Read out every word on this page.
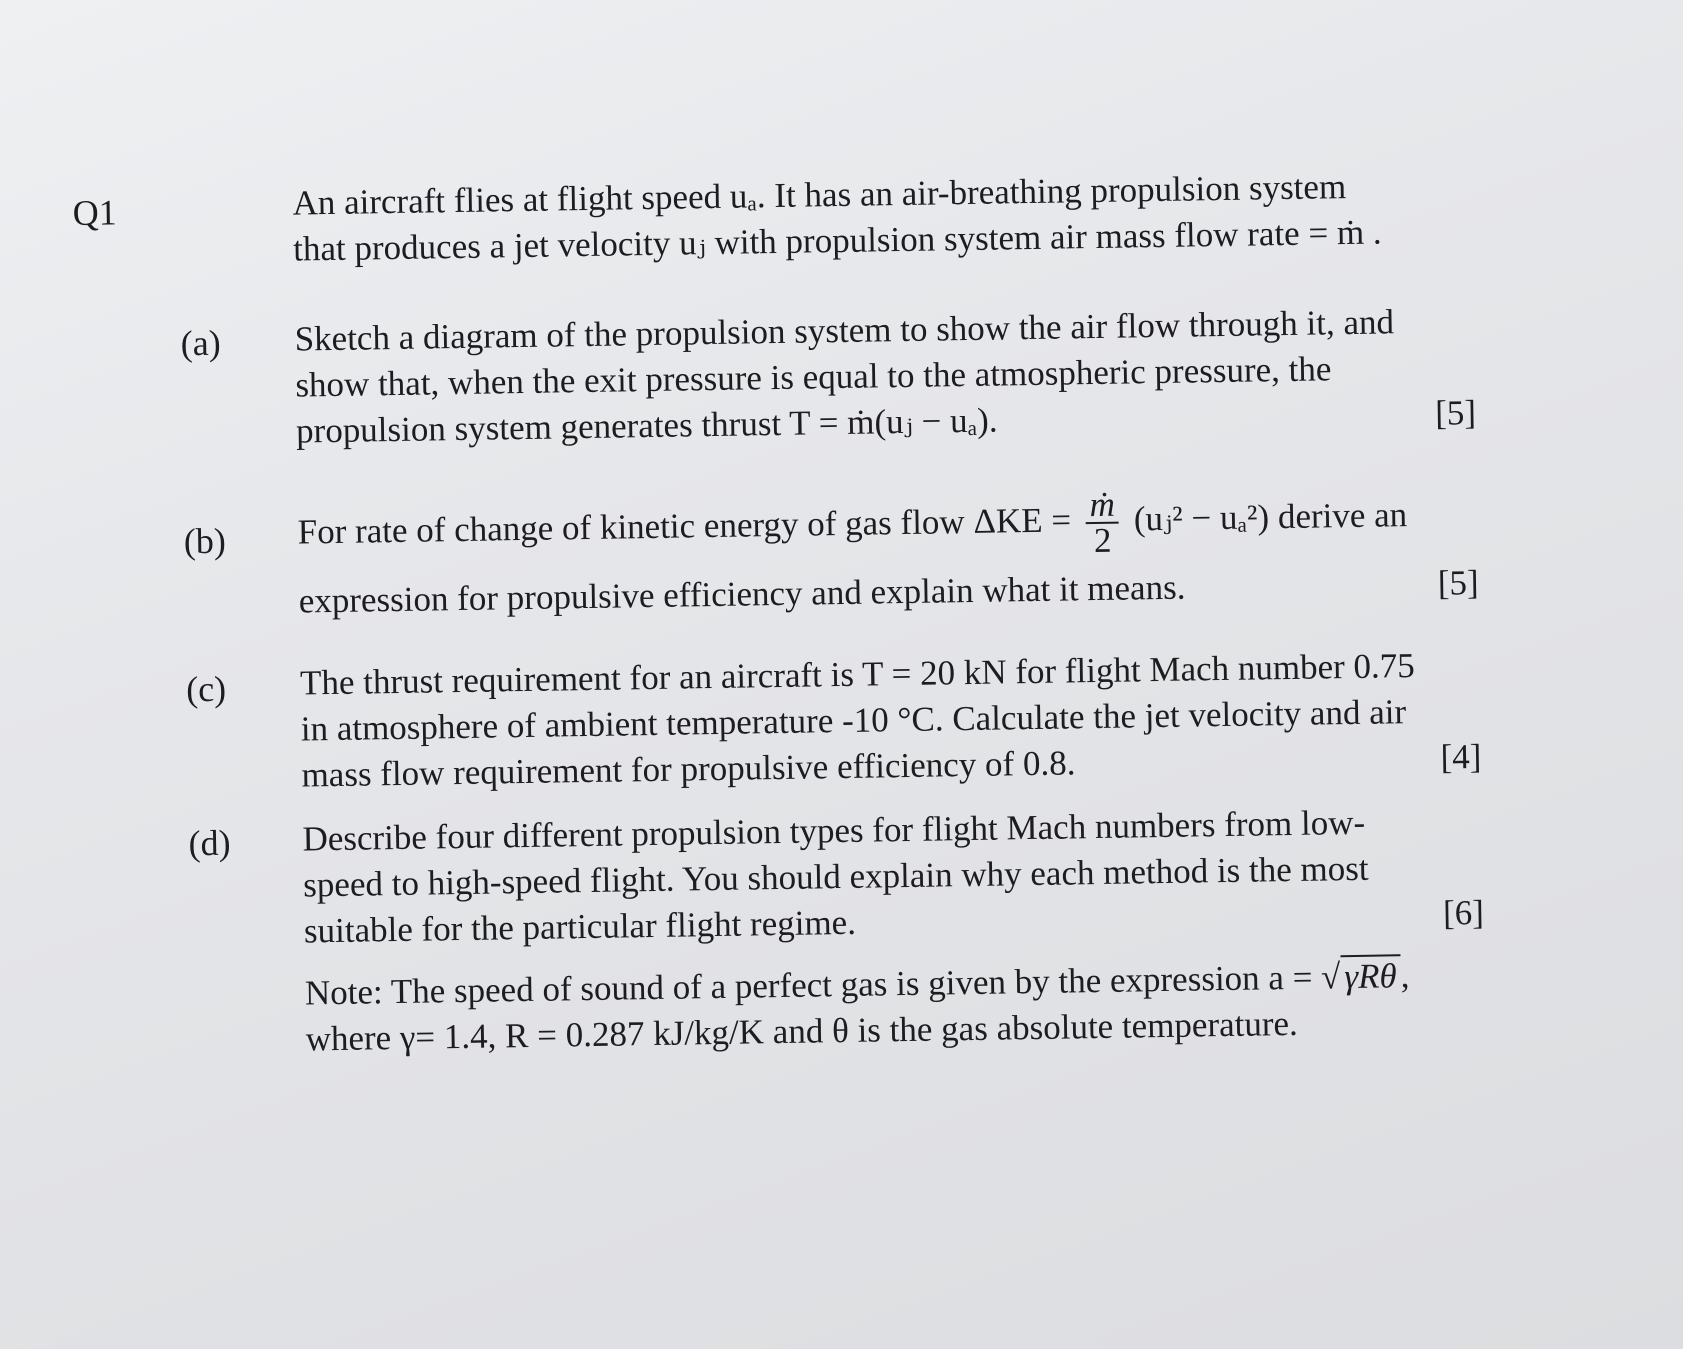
Q1	An aircraft flies at flight speed uₐ. It has an air-breathing propulsion system
that produces a jet velocity uⱼ with propulsion system air mass flow rate = ṁ .
(a) Sketch a diagram of the propulsion system to show the air flow through it, and
show that, when the exit pressure is equal to the atmospheric pressure, the
propulsion system generates thrust T = ṁ(uⱼ − uₐ).	[5]
(b) For rate of change of kinetic energy of gas flow $\Delta KE = \frac{\text{ṁ}}{2}$ (uⱼ² − uₐ²) derive an
expression for propulsive efficiency and explain what it means.	[5]
(c) The thrust requirement for an aircraft is T = 20 kN for flight Mach number 0.75
in atmosphere of ambient temperature -10 °C. Calculate the jet velocity and air
mass flow requirement for propulsive efficiency of 0.8.	[4]
(d) Describe four different propulsion types for flight Mach numbers from low-
speed to high-speed flight. You should explain why each method is the most
suitable for the particular flight regime.	[6]
Note: The speed of sound of a perfect gas is given by the expression a = √γRθ,
where γ= 1.4, R = 0.287 kJ/kg/K and θ is the gas absolute temperature.
